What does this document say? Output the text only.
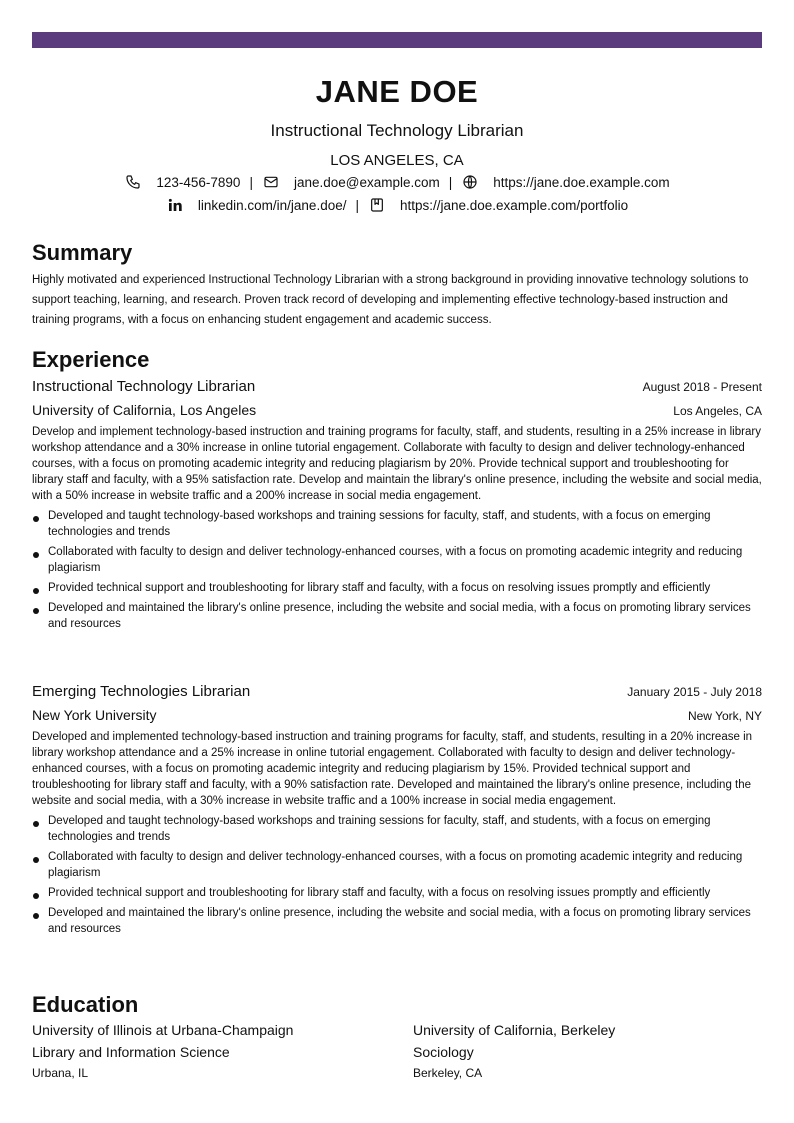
JANE DOE
Instructional Technology Librarian
LOS ANGELES, CA
123-456-7890 |	jane.doe@example.com |	https://jane.doe.example.com
linkedin.com/in/jane.doe/ |	https://jane.doe.example.com/portfolio
Summary
Highly motivated and experienced Instructional Technology Librarian with a strong background in providing innovative technology solutions to support teaching, learning, and research. Proven track record of developing and implementing effective technology-based instruction and training programs, with a focus on enhancing student engagement and academic success.
Experience
Instructional Technology Librarian	August 2018 - Present
University of California, Los Angeles	Los Angeles, CA
Develop and implement technology-based instruction and training programs for faculty, staff, and students, resulting in a 25% increase in library workshop attendance and a 30% increase in online tutorial engagement. Collaborate with faculty to design and deliver technology-enhanced courses, with a focus on promoting academic integrity and reducing plagiarism by 20%. Provide technical support and troubleshooting for library staff and faculty, with a 95% satisfaction rate. Develop and maintain the library's online presence, including the website and social media, with a 50% increase in website traffic and a 200% increase in social media engagement.
Developed and taught technology-based workshops and training sessions for faculty, staff, and students, with a focus on emerging technologies and trends
Collaborated with faculty to design and deliver technology-enhanced courses, with a focus on promoting academic integrity and reducing plagiarism
Provided technical support and troubleshooting for library staff and faculty, with a focus on resolving issues promptly and efficiently
Developed and maintained the library's online presence, including the website and social media, with a focus on promoting library services and resources
Emerging Technologies Librarian	January 2015 - July 2018
New York University	New York, NY
Developed and implemented technology-based instruction and training programs for faculty, staff, and students, resulting in a 20% increase in library workshop attendance and a 25% increase in online tutorial engagement. Collaborated with faculty to design and deliver technology-enhanced courses, with a focus on promoting academic integrity and reducing plagiarism by 15%. Provided technical support and troubleshooting for library staff and faculty, with a 90% satisfaction rate. Developed and maintained the library's online presence, including the website and social media, with a 30% increase in website traffic and a 100% increase in social media engagement.
Developed and taught technology-based workshops and training sessions for faculty, staff, and students, with a focus on emerging technologies and trends
Collaborated with faculty to design and deliver technology-enhanced courses, with a focus on promoting academic integrity and reducing plagiarism
Provided technical support and troubleshooting for library staff and faculty, with a focus on resolving issues promptly and efficiently
Developed and maintained the library's online presence, including the website and social media, with a focus on promoting library services and resources
Education
University of Illinois at Urbana-Champaign
Library and Information Science
Urbana, IL
University of California, Berkeley
Sociology
Berkeley, CA
